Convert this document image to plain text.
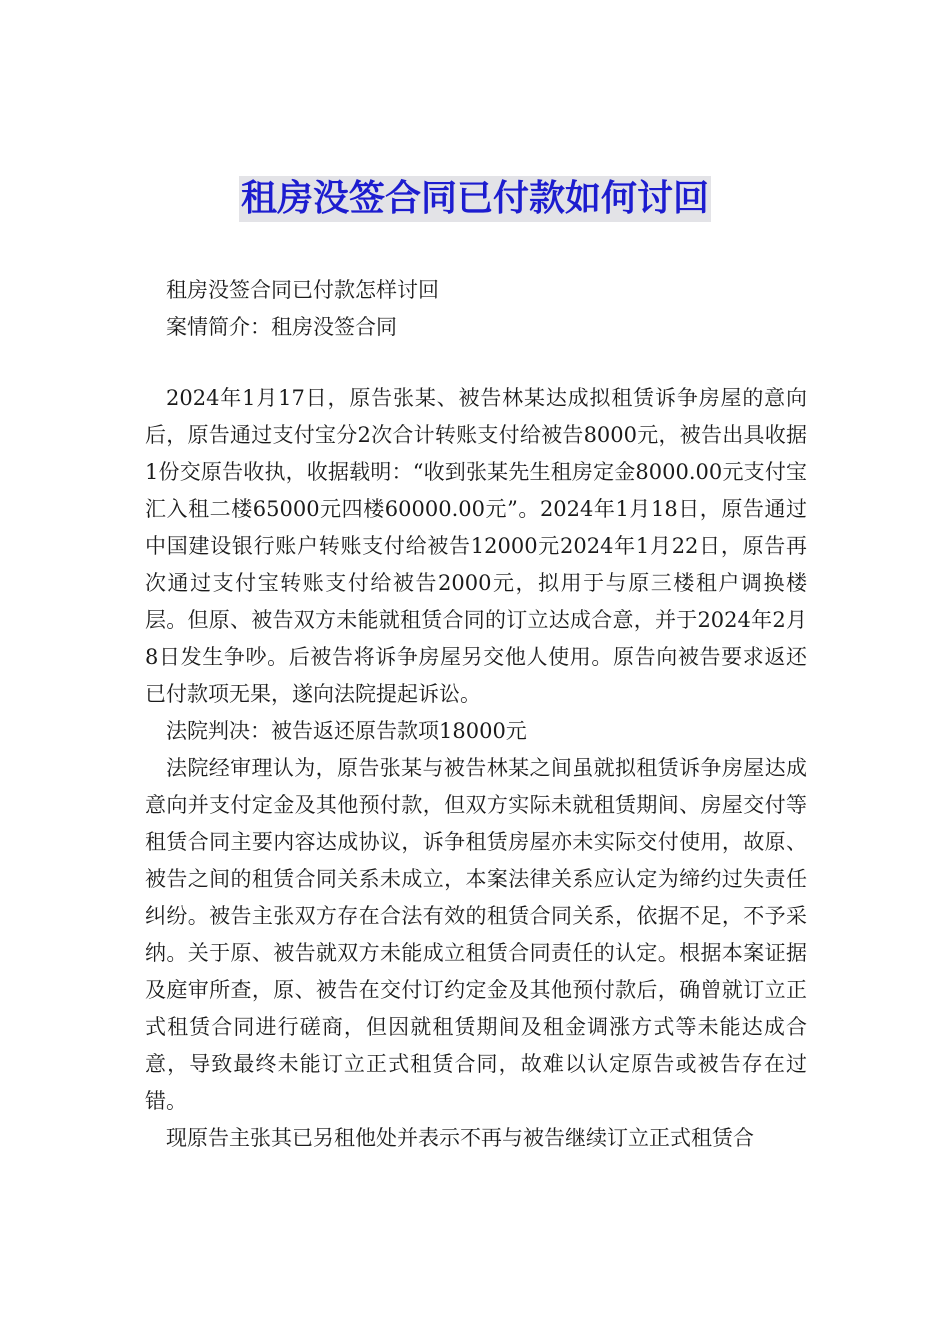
租房没签合同已付款如何讨回

租房没签合同已付款怎样讨回

案情简介：租房没签合同

2024年1月17日，原告张某、被告林某达成拟租赁诉争房屋的意向后，原告通过支付宝分2次合计转账支付给被告8000元，被告出具收据1份交原告收执，收据载明：“收到张某先生租房定金8000.00元支付宝汇入租二楼65000元四楼60000.00元”。2024年1月18日，原告通过中国建设银行账户转账支付给被告12000元2024年1月22日，原告再次通过支付宝转账支付给被告2000元，拟用于与原三楼租户调换楼层。但原、被告双方未能就租赁合同的订立达成合意，并于2024年2月8日发生争吵。后被告将诉争房屋另交他人使用。原告向被告要求返还已付款项无果，遂向法院提起诉讼。

法院判决：被告返还原告款项18000元

法院经审理认为，原告张某与被告林某之间虽就拟租赁诉争房屋达成意向并支付定金及其他预付款，但双方实际未就租赁期间、房屋交付等租赁合同主要内容达成协议，诉争租赁房屋亦未实际交付使用，故原、被告之间的租赁合同关系未成立，本案法律关系应认定为缔约过失责任纠纷。被告主张双方存在合法有效的租赁合同关系，依据不足，不予采纳。关于原、被告就双方未能成立租赁合同责任的认定。根据本案证据及庭审所查，原、被告在交付订约定金及其他预付款后，确曾就订立正式租赁合同进行磋商，但因就租赁期间及租金调涨方式等未能达成合意，导致最终未能订立正式租赁合同，故难以认定原告或被告存在过错。

现原告主张其已另租他处并表示不再与被告继续订立正式租赁合
